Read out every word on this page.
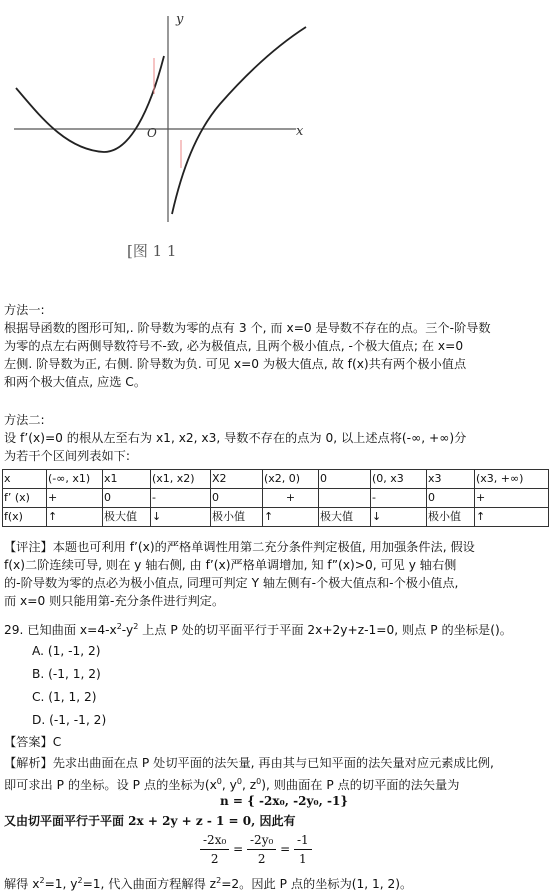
y
x
O
[图 1 1
方法一:
根据导函数的图形可知,. 阶导数为零的点有 3 个, 而 x=0 是导数不存在的点。三个-阶导数
为零的点左右两侧导数符号不-致, 必为极值点, 且两个极小值点, -个极大值点; 在 x=0
左侧. 阶导数为正, 右侧. 阶导数为负. 可见 x=0 为极大值点, 故 f(x)共有两个极小值点
和两个极大值点, 应选 C。
方法二:
设 f’(x)=0 的根从左至右为 x1, x2, x3, 导数不存在的点为 0, 以上述点将(-∞, +∞)分
为若干个区间列表如下:
x	(-∞, x1)	x1	(x1, x2)	X2	(x2, 0)	0	(0, x3	x3	(x3, +∞)
f’ (x)	+	0	-	0	+		-	0	+
f(x)	↑	极大值	↓	极小值	↑	极大值	↓	极小值	↑
【评注】本题也可利用 f’(x)的严格单调性用第二充分条件判定极值, 用加强条件法, 假设
f(x)二阶连续可导, 则在 y 轴右侧, 由 f’(x)严格单调增加, 知 f”(x)>0, 可见 y 轴右侧
的-阶导数为零的点必为极小值点, 同理可判定 Y 轴左侧有-个极大值点和-个极小值点,
而 x=0 则只能用第-充分条件进行判定。
29. 已知曲面 $x=4-x^2-y^2$ 上点 P 处的切平面平行于平面 2x+2y+z-1=0, 则点 P 的坐标是()。
A. (1, -1, 2)
B. (-1, 1, 2)
C. (1, 1, 2)
D. (-1, -1, 2)
【答案】C
【解析】先求出曲面在点 P 处切平面的法矢量, 再由其与已知平面的法矢量对应元素成比例,
即可求出 P 的坐标。设 P 点的坐标为($x^0$, $y^0$, $z^0$), 则曲面在 P 点的切平面的法矢量为
n = { -2x₀, -2y₀, -1}
又由切平面平行于平面 2x + 2y + z - 1 = 0, 因此有
$\frac{\text{-2x₀}}{2} = \frac{\text{-2y₀}}{2} = \frac{-1}{1}$
解得 $x^2=1$, $y^2=1$, 代入曲面方程解得 $z^2=2$。因此 P 点的坐标为(1, 1, 2)。
